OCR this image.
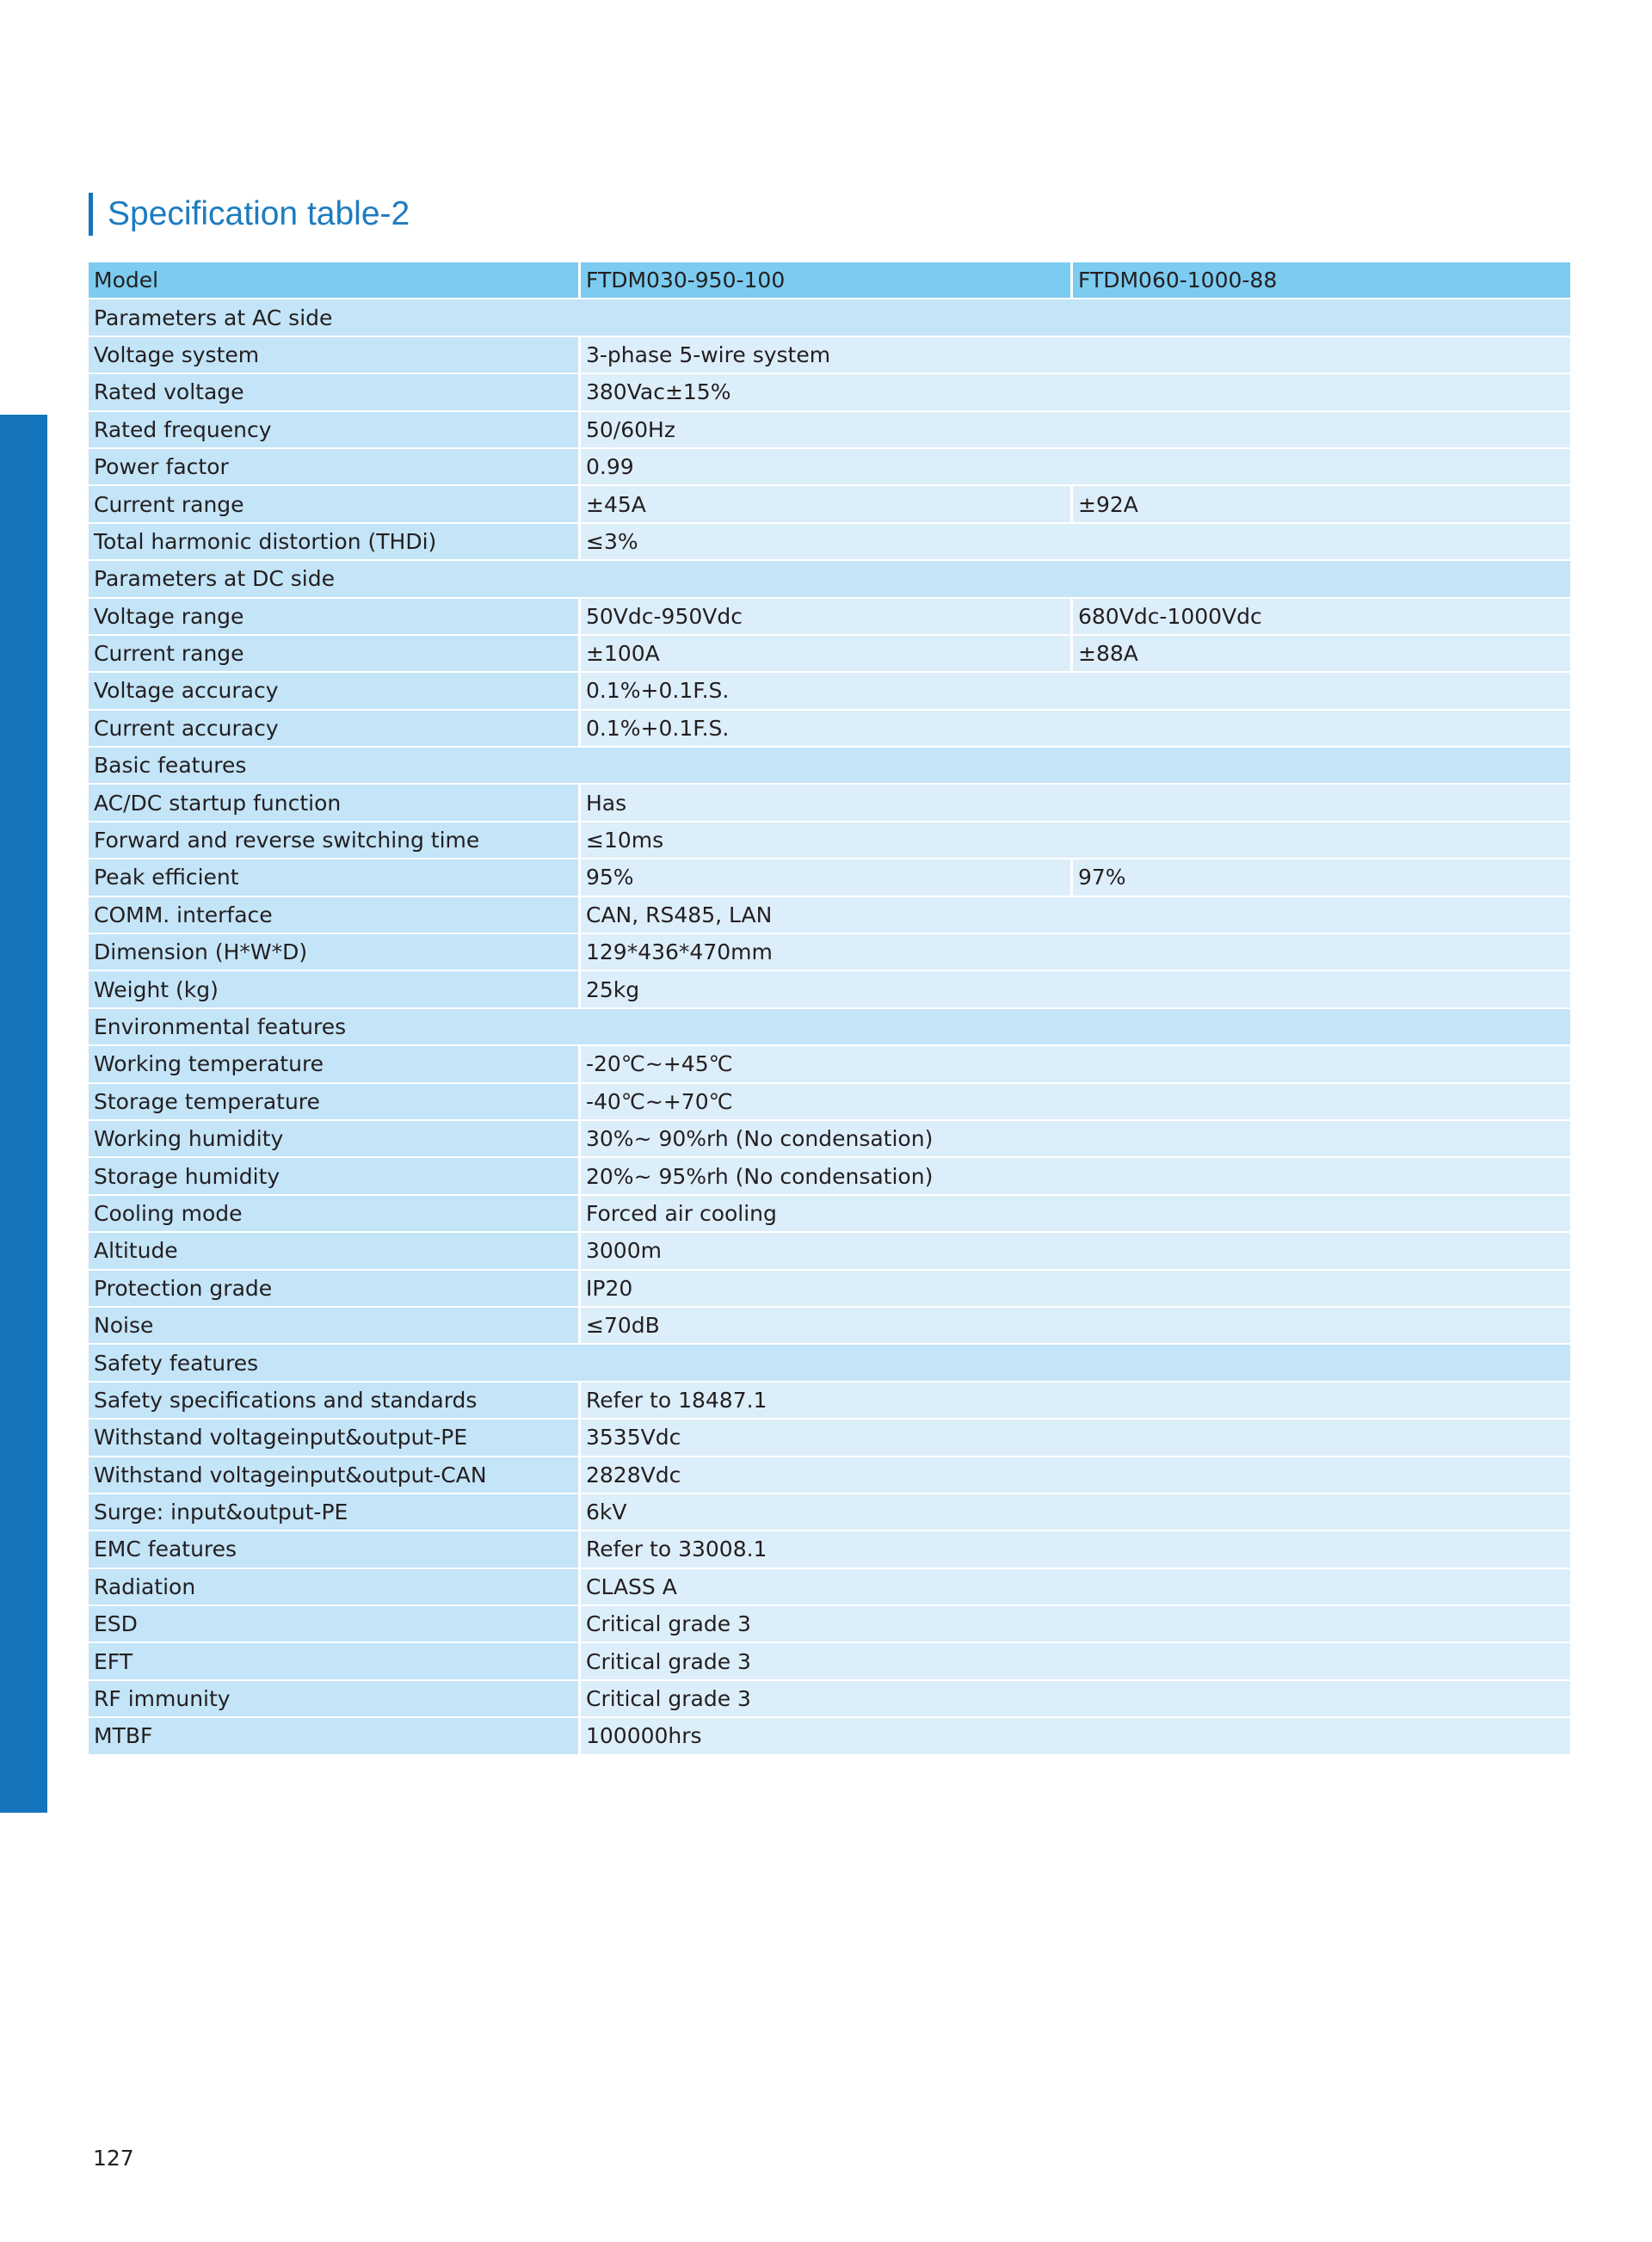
Specification table-2
Model	FTDM030-950-100	FTDM060-1000-88
Parameters at AC side		
Voltage system	3-phase 5-wire system	
Rated voltage	380Vac±15%	
Rated frequency	50/60Hz	
Power factor	0.99	
Current range	±45A	±92A
Total harmonic distortion (THDi)	≤3%	
Parameters at DC side		
Voltage range	50Vdc-950Vdc	680Vdc-1000Vdc
Current range	±100A	±88A
Voltage accuracy	0.1%+0.1F.S.	
Current accuracy	0.1%+0.1F.S.	
Basic features		
AC/DC startup function	Has	
Forward and reverse switching time	≤10ms	
Peak efficient	95%	97%
COMM. interface	CAN, RS485, LAN	
Dimension (H*W*D)	129*436*470mm	
Weight (kg)	25kg	
Environmental features		
Working temperature	-20℃~+45℃	
Storage temperature	-40℃~+70℃	
Working humidity	30%~ 90%rh (No condensation)	
Storage humidity	20%~ 95%rh (No condensation)	
Cooling mode	Forced air cooling	
Altitude	3000m	
Protection grade	IP20	
Noise	≤70dB	
Safety features		
Safety specifications and standards	Refer to 18487.1	
Withstand voltageinput&output-PE	3535Vdc	
Withstand voltageinput&output-CAN	2828Vdc	
Surge: input&output-PE	6kV	
EMC features	Refer to 33008.1	
Radiation	CLASS A	
ESD	Critical grade 3	
EFT	Critical grade 3	
RF immunity	Critical grade 3	
MTBF	100000hrs	
127
